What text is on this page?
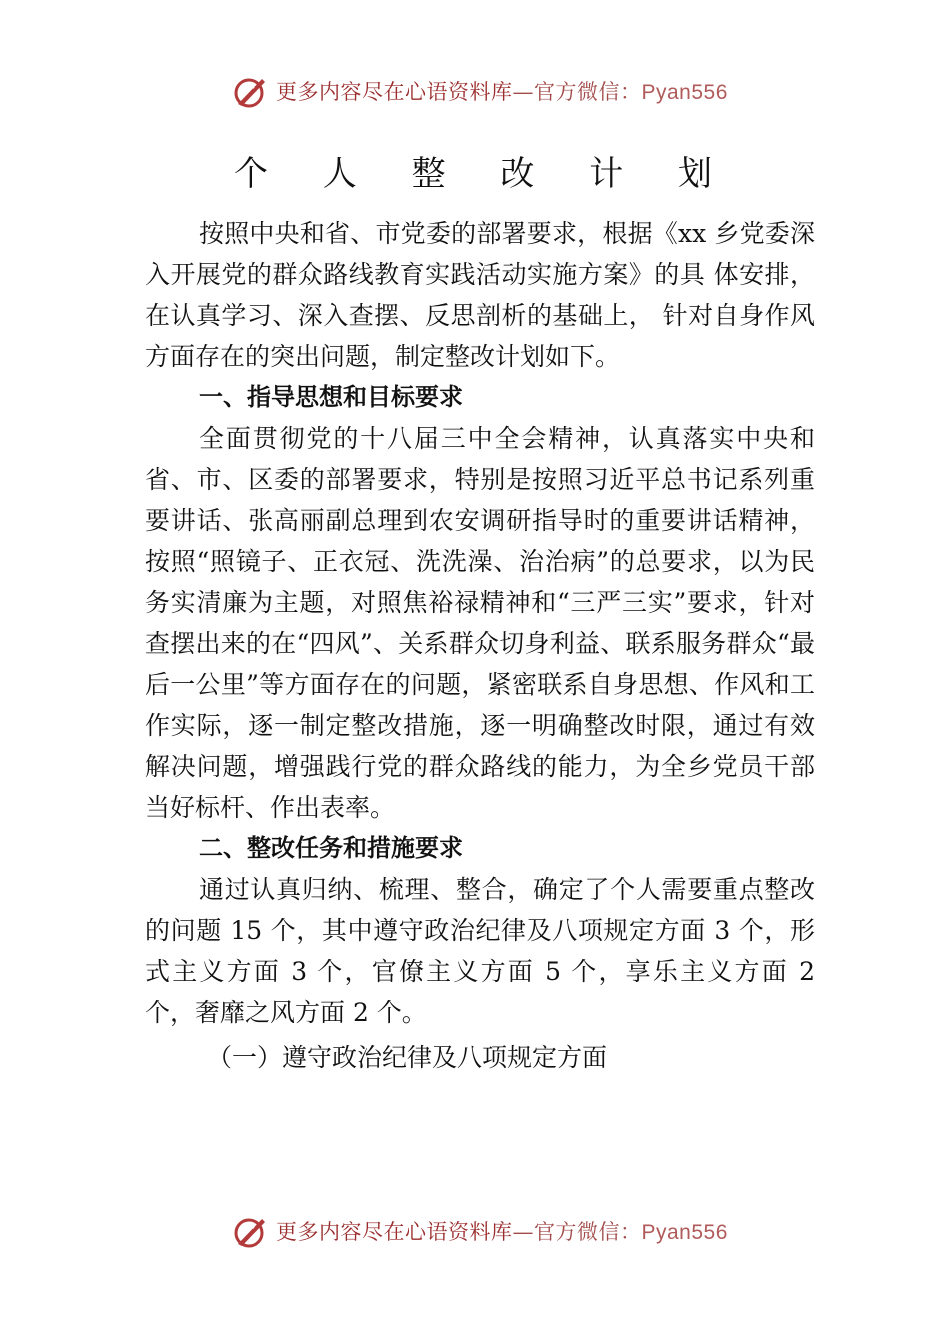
更多内容尽在心语资料库—官方微信：Pyan556
个 人 整 改 计 划

按照中央和省、市党委的部署要求，根据《xx 乡党委深入开展党的群众路线教育实践活动实施方案》的具 体安排，在认真学习、深入查摆、反思剖析的基础上， 针对自身作风方面存在的突出问题，制定整改计划如下。

一、指导思想和目标要求

全面贯彻党的十八届三中全会精神，认真落实中央和省、市、区委的部署要求，特别是按照习近平总书记系列重要讲话、张高丽副总理到农安调研指导时的重要讲话精神，按照“照镜子、正衣冠、洗洗澡、治治病”的总要求，以为民务实清廉为主题，对照焦裕禄精神和“三严三实”要求，针对查摆出来的在“四风”、关系群众切身利益、联系服务群众“最后一公里”等方面存在的问题，紧密联系自身思想、作风和工作实际，逐一制定整改措施，逐一明确整改时限，通过有效解决问题，增强践行党的群众路线的能力，为全乡党员干部当好标杆、作出表率。

二、整改任务和措施要求

通过认真归纳、梳理、整合，确定了个人需要重点整改的问题 15 个，其中遵守政治纪律及八项规定方面 3 个，形式主义方面 3 个，官僚主义方面 5 个，享乐主义方面 2 个，奢靡之风方面 2 个。

（一）遵守政治纪律及八项规定方面

更多内容尽在心语资料库—官方微信：Pyan556
